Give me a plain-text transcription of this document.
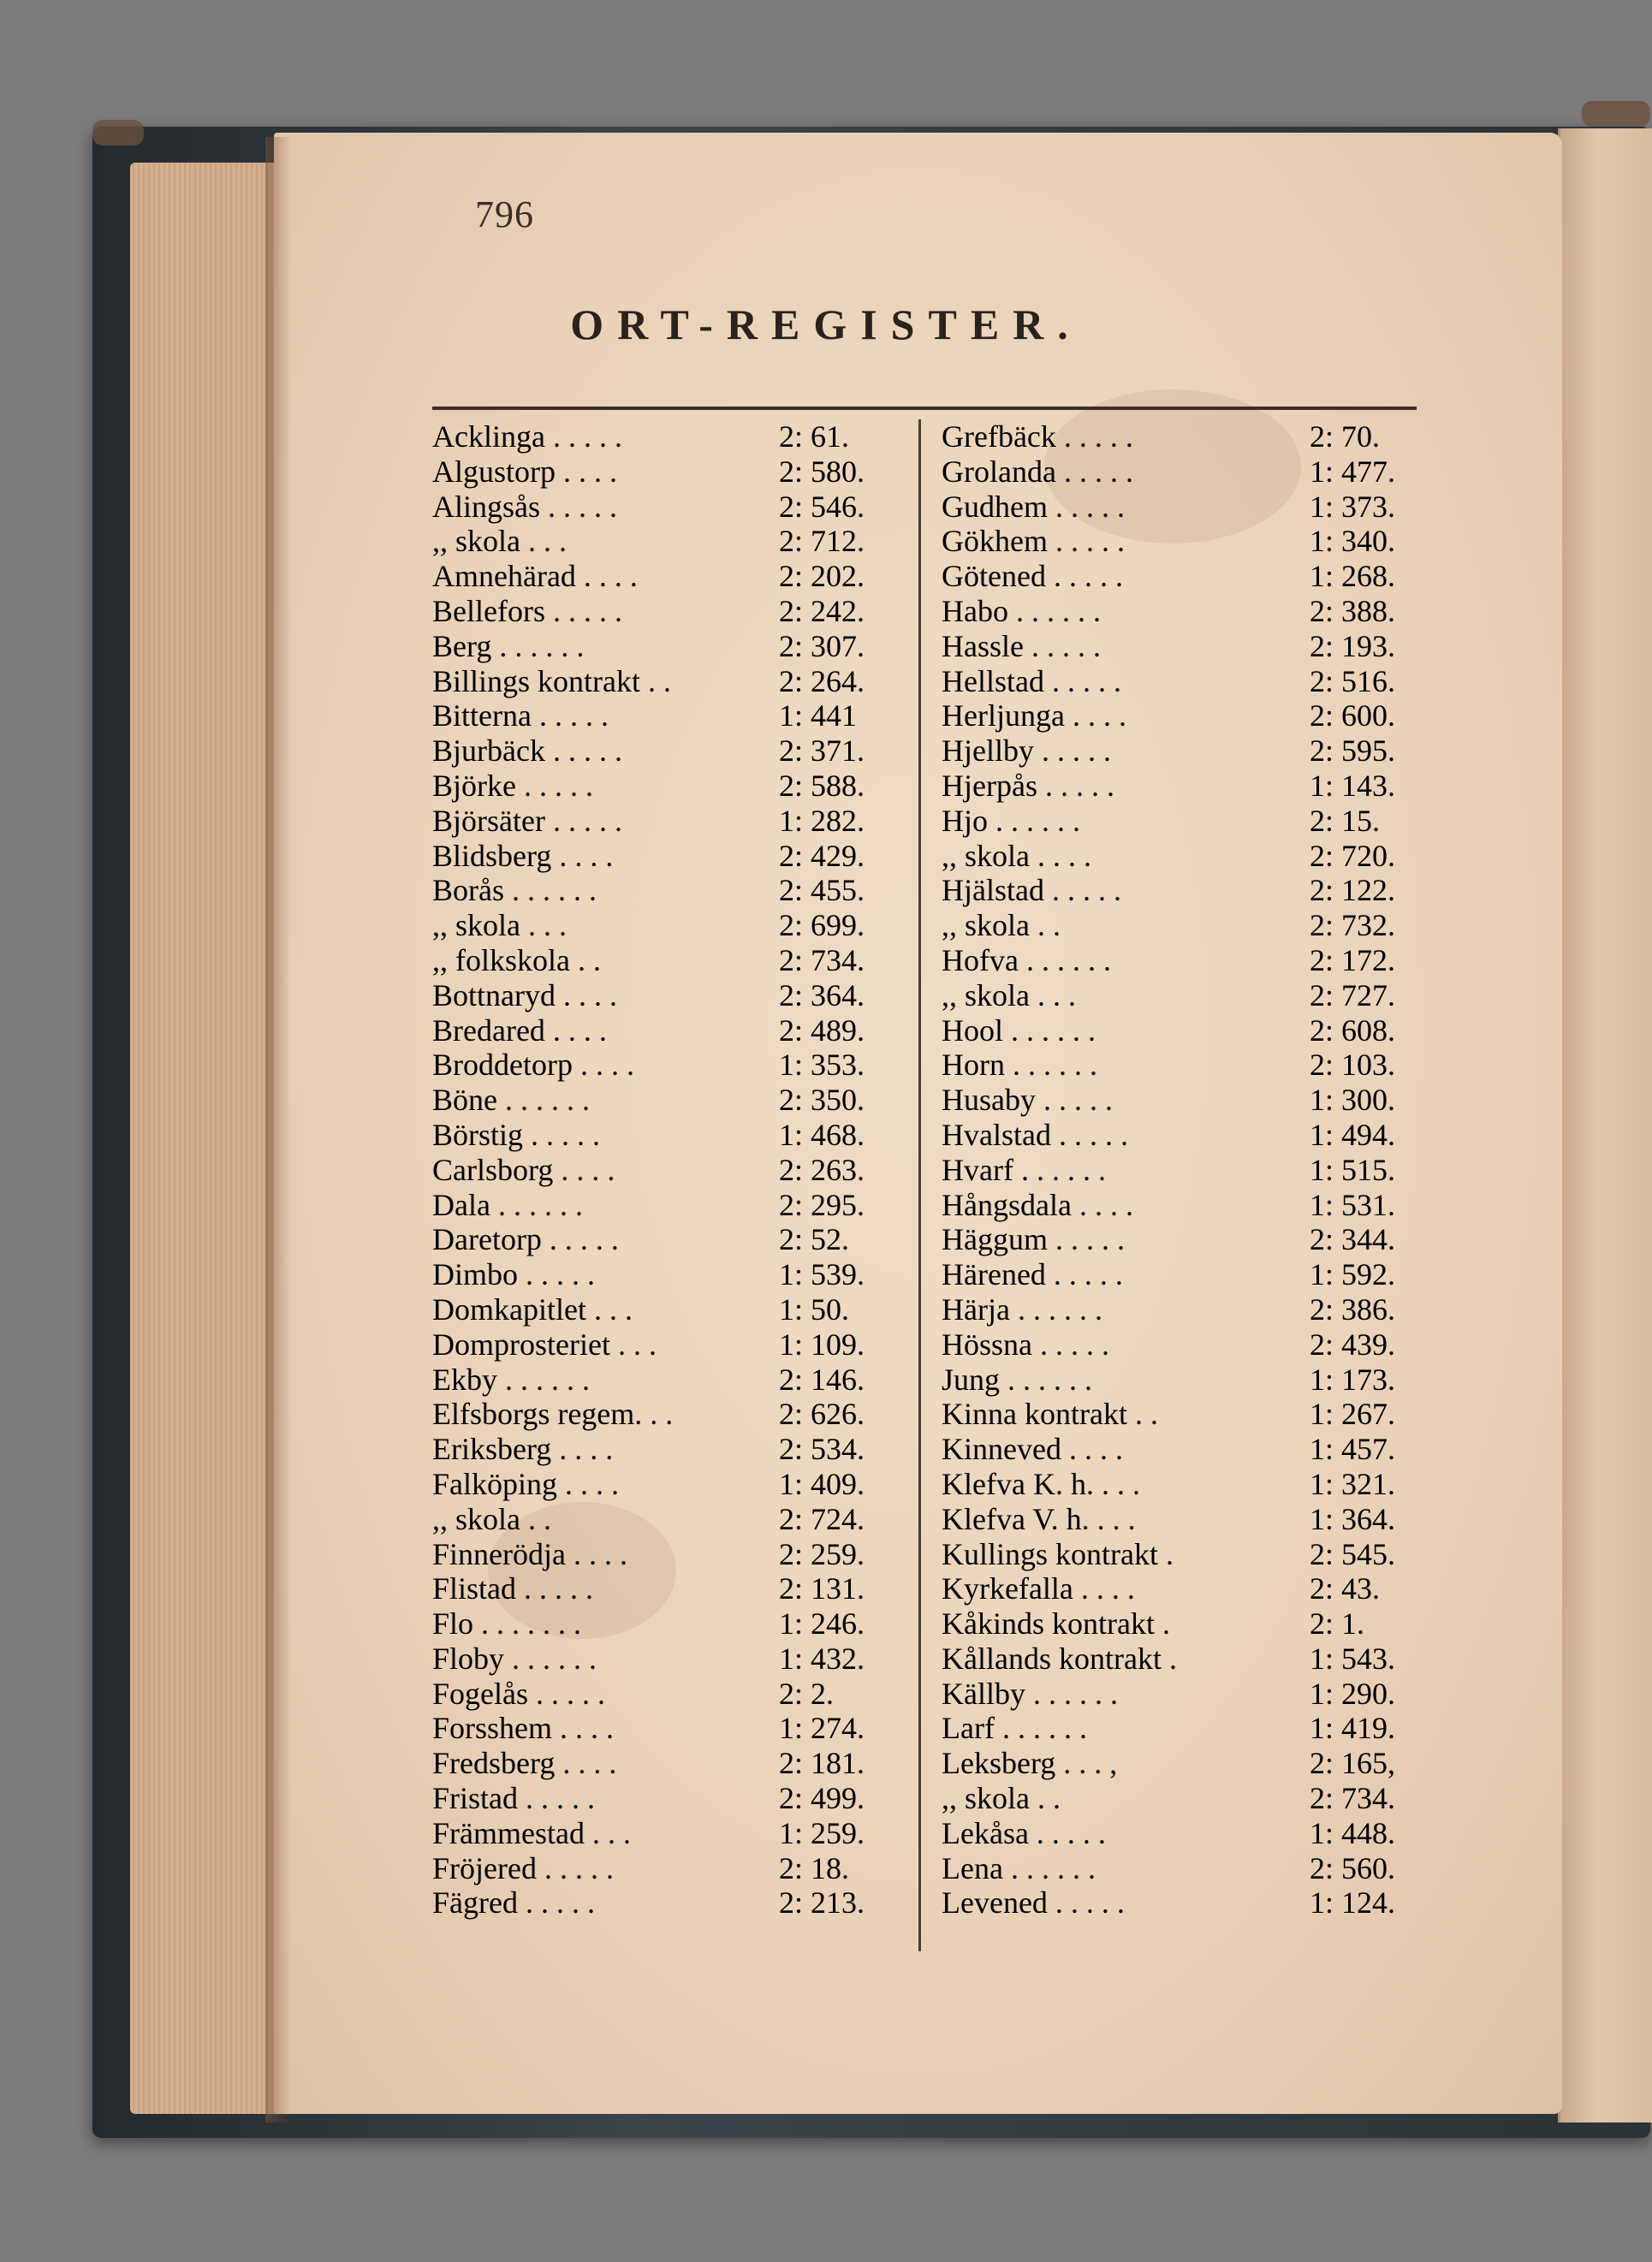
796
ORT-REGISTER.
Acklinga . . . . .	2: 61.
Algustorp . . . .	2: 580.
Alingsås . . . . .	2: 546.
,, skola . . .	2: 712.
Amnehärad . . . .	2: 202.
Bellefors . . . . .	2: 242.
Berg . . . . . .	2: 307.
Billings kontrakt . .	2: 264.
Bitterna . . . . .	1: 441
Bjurbäck . . . . .	2: 371.
Björke . . . . .	2: 588.
Björsäter . . . . .	1: 282.
Blidsberg . . . .	2: 429.
Borås . . . . . .	2: 455.
,, skola . . .	2: 699.
,, folkskola . .	2: 734.
Bottnaryd . . . .	2: 364.
Bredared . . . .	2: 489.
Broddetorp . . . .	1: 353.
Böne . . . . . .	2: 350.
Börstig . . . . .	1: 468.
Carlsborg . . . .	2: 263.
Dala . . . . . .	2: 295.
Daretorp . . . . .	2: 52.
Dimbo . . . . .	1: 539.
Domkapitlet . . .	1: 50.
Domprosteriet . . .	1: 109.
Ekby . . . . . .	2: 146.
Elfsborgs regem. . .	2: 626.
Eriksberg . . . .	2: 534.
Falköping . . . .	1: 409.
,, skola . .	2: 724.
Finnerödja . . . .	2: 259.
Flistad . . . . .	2: 131.
Flo . . . . . . .	1: 246.
Floby . . . . . .	1: 432.
Fogelås . . . . .	2: 2.
Forsshem . . . .	1: 274.
Fredsberg . . . .	2: 181.
Fristad . . . . .	2: 499.
Främmestad . . .	1: 259.
Fröjered . . . . .	2: 18.
Fägred . . . . .	2: 213.
Grefbäck . . . . .	2: 70.
Grolanda . . . . .	1: 477.
Gudhem . . . . .	1: 373.
Gökhem . . . . .	1: 340.
Götened . . . . .	1: 268.
Habo . . . . . .	2: 388.
Hassle . . . . .	2: 193.
Hellstad . . . . .	2: 516.
Herljunga . . . .	2: 600.
Hjellby . . . . .	2: 595.
Hjerpås . . . . .	1: 143.
Hjo . . . . . .	2: 15.
,, skola . . . .	2: 720.
Hjälstad . . . . .	2: 122.
,, skola . .	2: 732.
Hofva . . . . . .	2: 172.
,, skola . . .	2: 727.
Hool . . . . . .	2: 608.
Horn . . . . . .	2: 103.
Husaby . . . . .	1: 300.
Hvalstad . . . . .	1: 494.
Hvarf . . . . . .	1: 515.
Hångsdala . . . .	1: 531.
Häggum . . . . .	2: 344.
Härened . . . . .	1: 592.
Härja . . . . . .	2: 386.
Hössna . . . . .	2: 439.
Jung . . . . . .	1: 173.
Kinna kontrakt . .	1: 267.
Kinneved . . . .	1: 457.
Klefva K. h. . . .	1: 321.
Klefva V. h. . . .	1: 364.
Kullings kontrakt .	2: 545.
Kyrkefalla . . . .	2: 43.
Kåkinds kontrakt .	2: 1.
Kållands kontrakt .	1: 543.
Källby . . . . . .	1: 290.
Larf . . . . . .	1: 419.
Leksberg . . . ,	2: 165,
,, skola . .	2: 734.
Lekåsa . . . . .	1: 448.
Lena . . . . . .	2: 560.
Levened . . . . .	1: 124.
